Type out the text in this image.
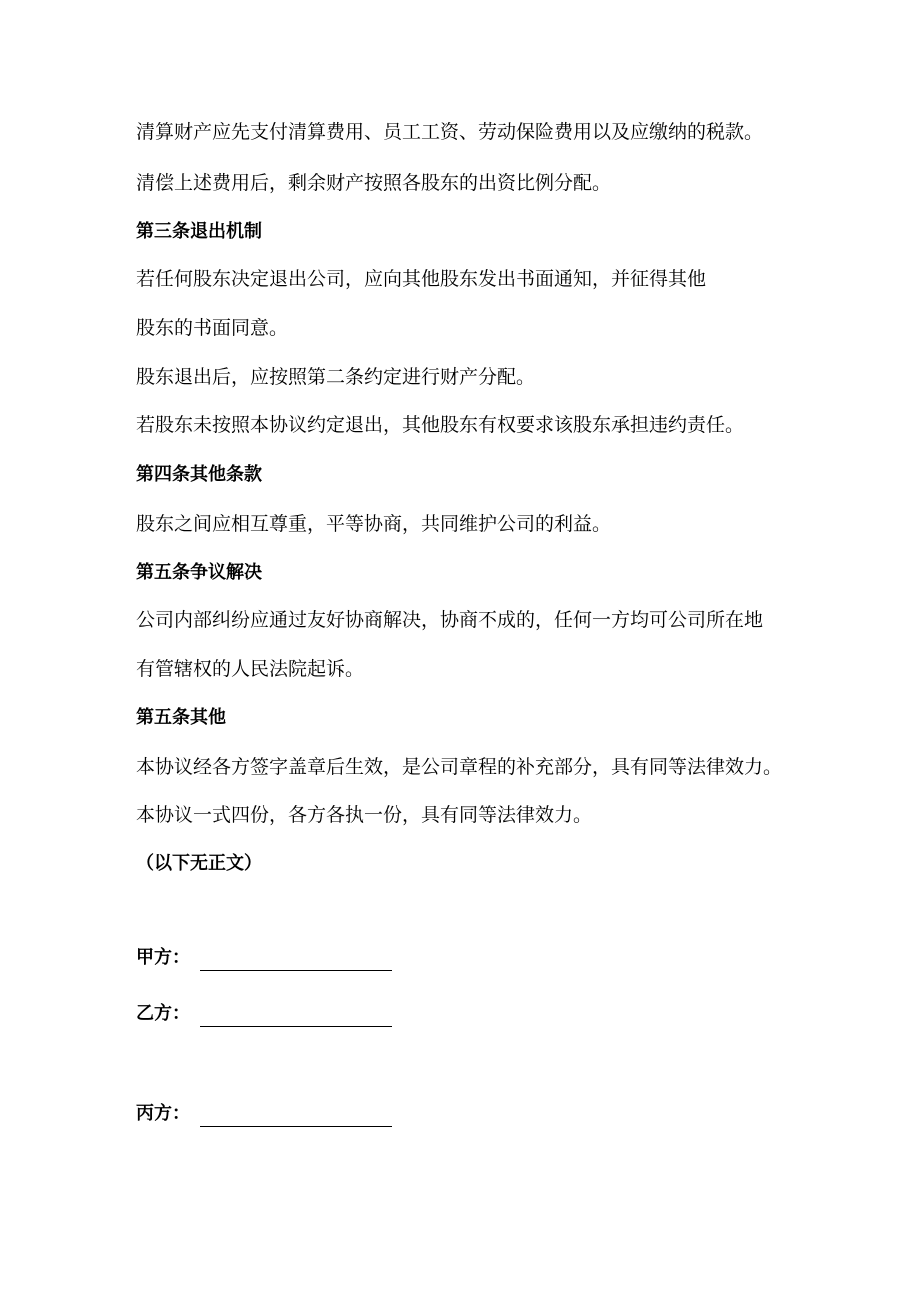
清算财产应先支付清算费用、员工工资、劳动保险费用以及应缴纳的税款。

清偿上述费用后，剩余财产按照各股东的出资比例分配。

第三条退出机制

若任何股东决定退出公司，应向其他股东发出书面通知，并征得其他

股东的书面同意。

股东退出后，应按照第二条约定进行财产分配。

若股东未按照本协议约定退出，其他股东有权要求该股东承担违约责任。

第四条其他条款

股东之间应相互尊重，平等协商，共同维护公司的利益。

第五条争议解决

公司内部纠纷应通过友好协商解决，协商不成的，任何一方均可公司所在地

有管辖权的人民法院起诉。

第五条其他

本协议经各方签字盖章后生效，是公司章程的补充部分，具有同等法律效力。

本协议一式四份，各方各执一份，具有同等法律效力。

（以下无正文）

甲方：
乙方：
丙方：
